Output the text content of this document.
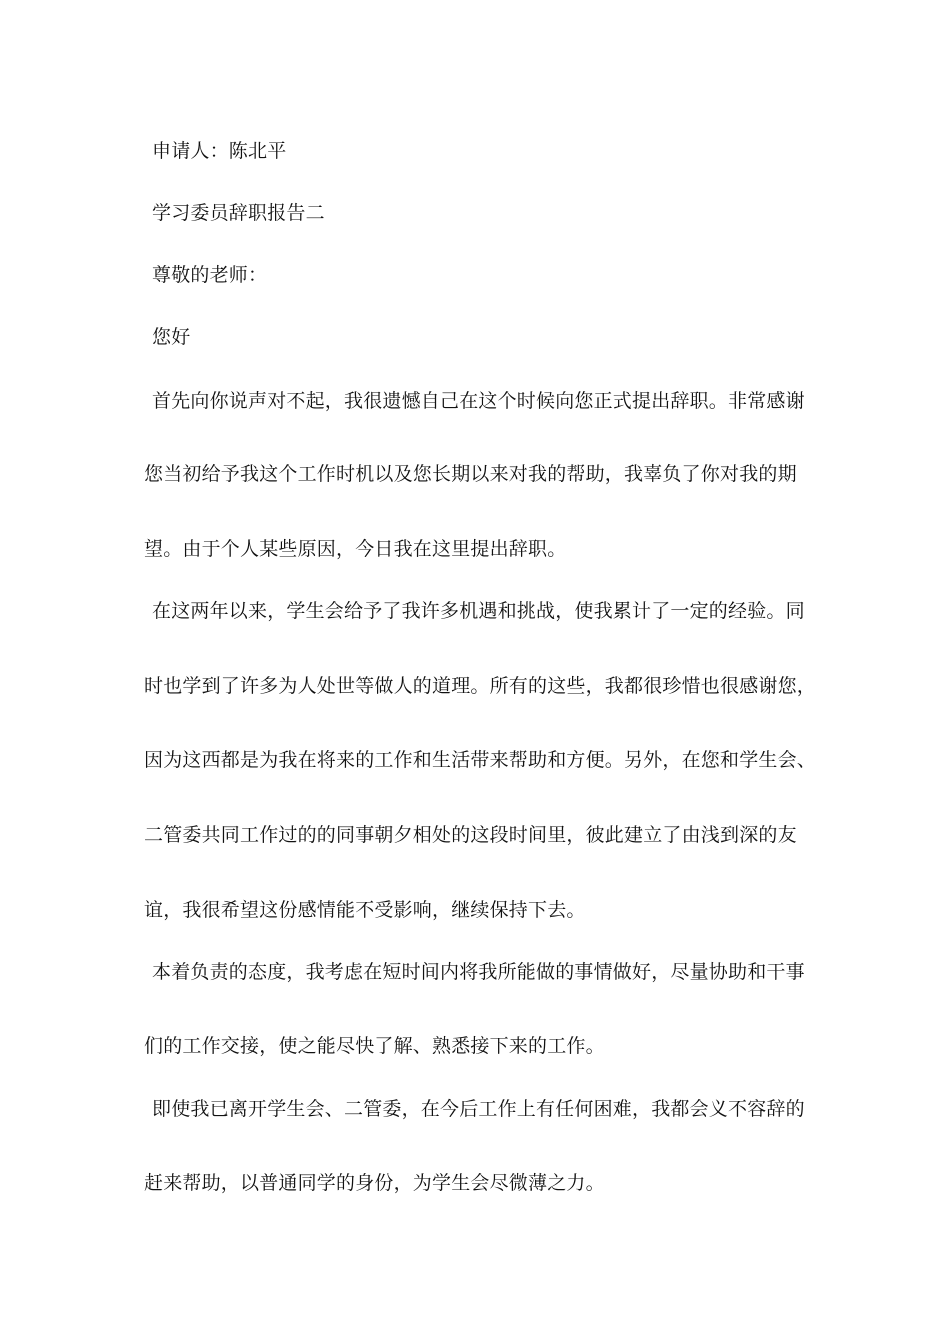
申请人：陈北平
学习委员辞职报告二
尊敬的老师：
您好
首先向你说声对不起，我很遗憾自己在这个时候向您正式提出辞职。非常感谢
您当初给予我这个工作时机以及您长期以来对我的帮助，我辜负了你对我的期
望。由于个人某些原因，今日我在这里提出辞职。
在这两年以来，学生会给予了我许多机遇和挑战，使我累计了一定的经验。同
时也学到了许多为人处世等做人的道理。所有的这些，我都很珍惜也很感谢您，
因为这西都是为我在将来的工作和生活带来帮助和方便。另外，在您和学生会、
二管委共同工作过的的同事朝夕相处的这段时间里，彼此建立了由浅到深的友
谊，我很希望这份感情能不受影响，继续保持下去。
本着负责的态度，我考虑在短时间内将我所能做的事情做好，尽量协助和干事
们的工作交接，使之能尽快了解、熟悉接下来的工作。
即使我已离开学生会、二管委，在今后工作上有任何困难，我都会义不容辞的
赶来帮助，以普通同学的身份，为学生会尽微薄之力。
